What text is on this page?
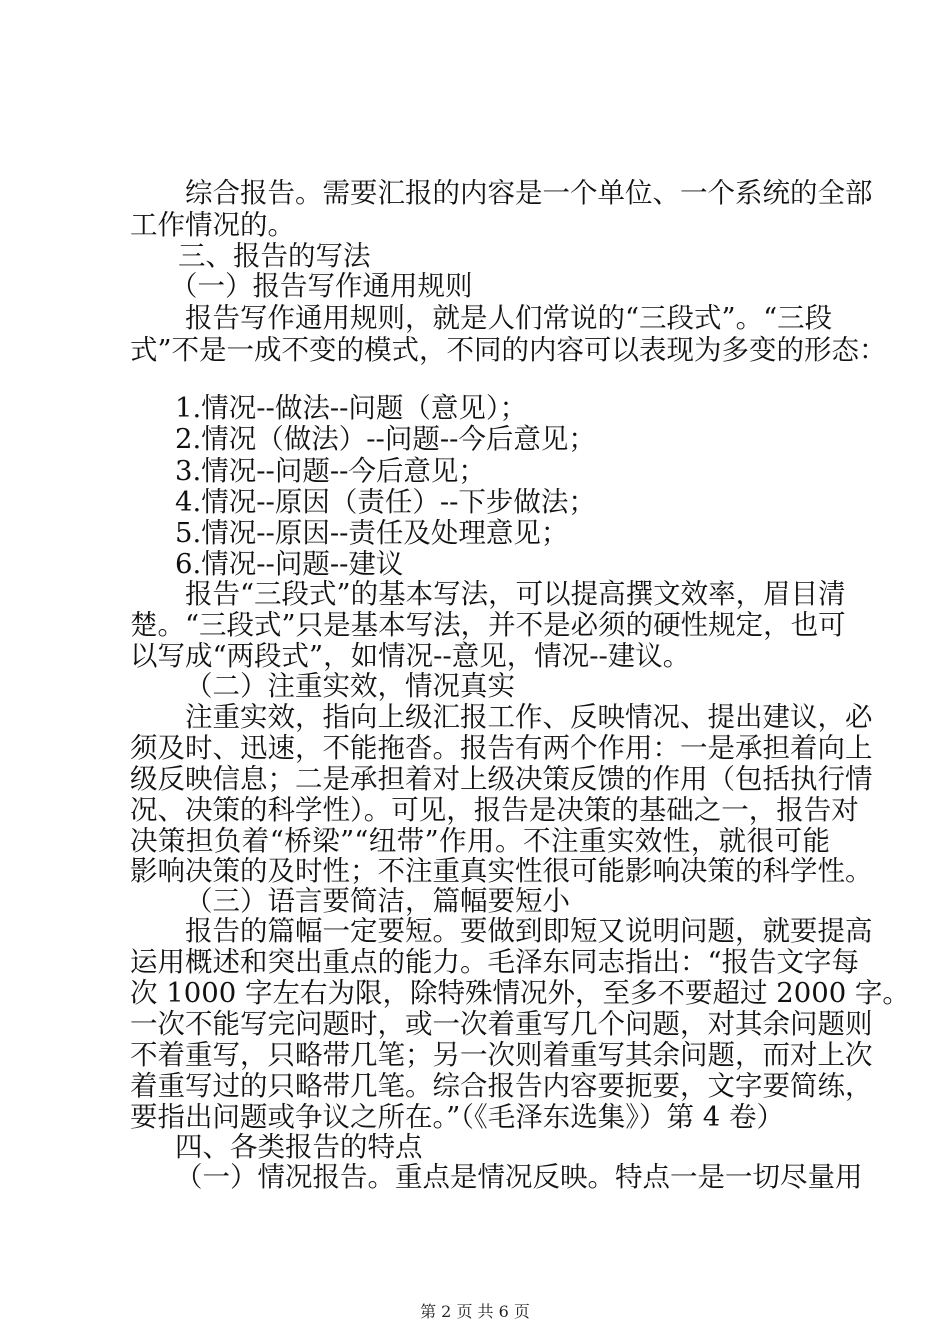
综合报告。需要汇报的内容是一个单位、一个系统的全部
工作情况的。
三、报告的写法
（一）报告写作通用规则
报告写作通用规则，就是人们常说的“三段式”。“三段
式”不是一成不变的模式，不同的内容可以表现为多变的形态：
1.情况--做法--问题（意见）；
2.情况（做法）--问题--今后意见；
3.情况--问题--今后意见；
4.情况--原因（责任）--下步做法；
5.情况--原因--责任及处理意见；
6.情况--问题--建议
报告“三段式”的基本写法，可以提高撰文效率，眉目清
楚。“三段式”只是基本写法，并不是必须的硬性规定，也可
以写成“两段式”，如情况--意见，情况--建议。
（二）注重实效，情况真实
注重实效，指向上级汇报工作、反映情况、提出建议，必
须及时、迅速，不能拖沓。报告有两个作用：一是承担着向上
级反映信息；二是承担着对上级决策反馈的作用（包括执行情
况、决策的科学性）。可见，报告是决策的基础之一，报告对
决策担负着“桥梁”“纽带”作用。不注重实效性，就很可能
影响决策的及时性；不注重真实性很可能影响决策的科学性。
（三）语言要简洁，篇幅要短小
报告的篇幅一定要短。要做到即短又说明问题，就要提高
运用概述和突出重点的能力。毛泽东同志指出：“报告文字每
次 1000 字左右为限，除特殊情况外，至多不要超过 2000 字。
一次不能写完问题时，或一次着重写几个问题，对其余问题则
不着重写，只略带几笔；另一次则着重写其余问题，而对上次
着重写过的只略带几笔。综合报告内容要扼要，文字要简练，
要指出问题或争议之所在。”（《毛泽东选集》）第 4 卷）
四、各类报告的特点
（一）情况报告。重点是情况反映。特点一是一切尽量用
第 2 页 共 6 页
